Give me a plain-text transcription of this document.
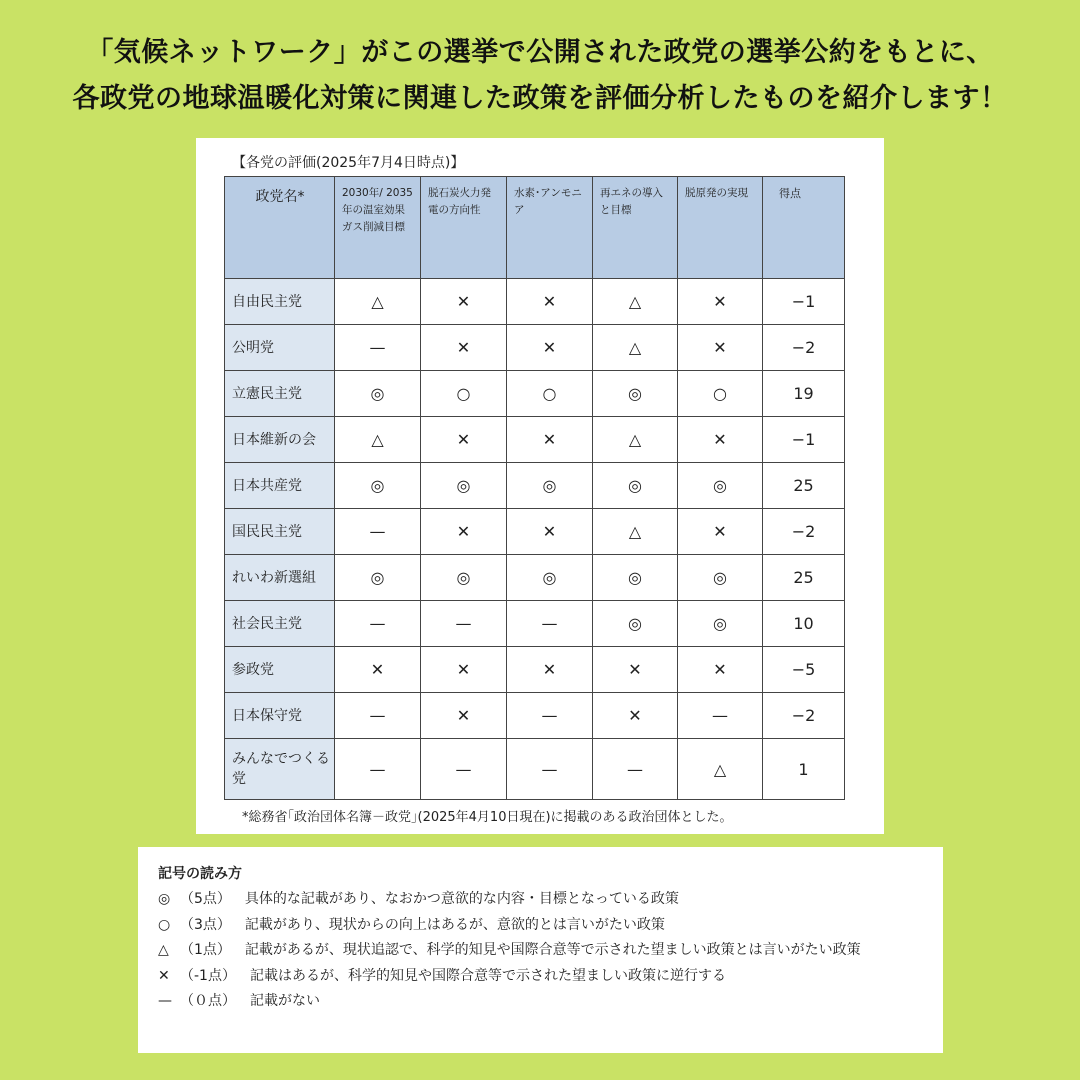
「気候ネットワーク」がこの選挙で公開された政党の選挙公約をもとに、
各政党の地球温暖化対策に関連した政策を評価分析したものを紹介します！
【各党の評価(2025年7月4日時点)】
政党名*	2030年/ 2035年の温室効果ガス削減目標	脱石炭火力発電の方向性	水素･アンモニア	再エネの導入と目標	脱原発の実現	得点
自由民主党	△	✕	✕	△	✕	−1
公明党	—	✕	✕	△	✕	−2
立憲民主党	◎	○	○	◎	○	19
日本維新の会	△	✕	✕	△	✕	−1
日本共産党	◎	◎	◎	◎	◎	25
国民民主党	—	✕	✕	△	✕	−2
れいわ新選組	◎	◎	◎	◎	◎	25
社会民主党	—	—	—	◎	◎	10
参政党	✕	✕	✕	✕	✕	−5
日本保守党	—	✕	—	✕	—	−2
みんなでつくる党	—	—	—	—	△	1
*総務省｢政治団体名簿－政党｣(2025年4月10日現在)に掲載のある政治団体とした。
記号の読み方
◎ （5点） 具体的な記載があり、なおかつ意欲的な内容・目標となっている政策
○ （3点） 記載があり、現状からの向上はあるが、意欲的とは言いがたい政策
△ （1点） 記載があるが、現状追認で、科学的知見や国際合意等で示された望ましい政策とは言いがたい政策
✕ （-1点） 記載はあるが、科学的知見や国際合意等で示された望ましい政策に逆行する
— （０点） 記載がない
